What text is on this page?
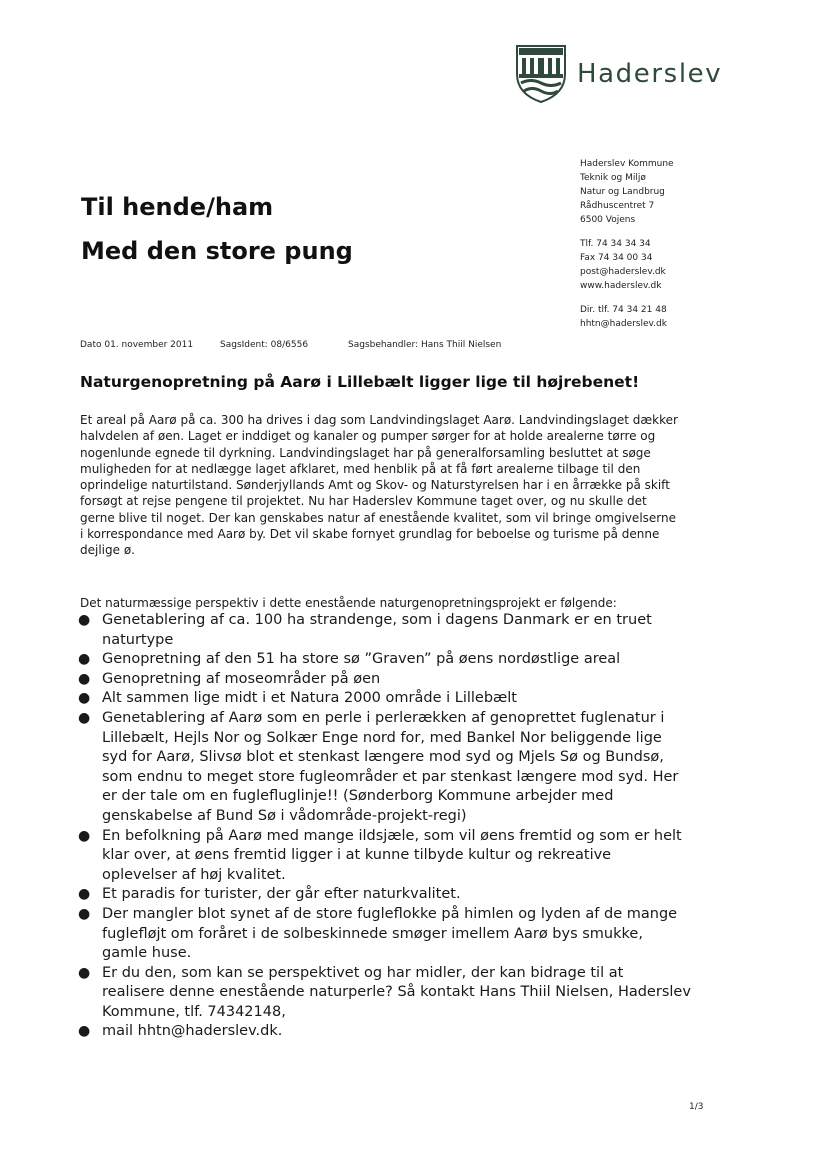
Haderslev
Haderslev Kommune
Teknik og Miljø
Natur og Landbrug
Rådhuscentret 7
6500 Vojens
Tlf. 74 34 34 34
Fax 74 34 00 34
post@haderslev.dk
www.haderslev.dk
Dir. tlf. 74 34 21 48
hhtn@haderslev.dk
Til hende/ham
Med den store pung
Dato 01. november 2011	SagsIdent: 08/6556	Sagsbehandler: Hans Thiil Nielsen
Naturgenopretning på Aarø i Lillebælt ligger lige til højrebenet!
Et areal på Aarø på ca. 300 ha drives i dag som Landvindingslaget Aarø. Landvindingslaget dækker
halvdelen af øen. Laget er inddiget og kanaler og pumper sørger for at holde arealerne tørre og
nogenlunde egnede til dyrkning. Landvindingslaget har på generalforsamling besluttet at søge
muligheden for at nedlægge laget afklaret, med henblik på at få ført arealerne tilbage til den
oprindelige naturtilstand. Sønderjyllands Amt og Skov- og Naturstyrelsen har i en årrække på skift
forsøgt at rejse pengene til projektet. Nu har Haderslev Kommune taget over, og nu skulle det
gerne blive til noget. Der kan genskabes natur af enestående kvalitet, som vil bringe omgivelserne
i korrespondance med Aarø by. Det vil skabe fornyet grundlag for beboelse og turisme på denne
dejlige ø.
Det naturmæssige perspektiv i dette enestående naturgenopretningsprojekt er følgende:
● Genetablering af ca. 100 ha strandenge, som i dagens Danmark er en truet
naturtype
● Genopretning af den 51 ha store sø ”Graven” på øens nordøstlige areal
● Genopretning af moseområder på øen
● Alt sammen lige midt i et Natura 2000 område i Lillebælt
● Genetablering af Aarø som en perle i perlerækken af genoprettet fuglenatur i
Lillebælt, Hejls Nor og Solkær Enge nord for, med Bankel Nor beliggende lige
syd for Aarø, Slivsø blot et stenkast længere mod syd og Mjels Sø og Bundsø,
som endnu to meget store fugleområder et par stenkast længere mod syd. Her
er der tale om en fuglefluglinje!! (Sønderborg Kommune arbejder med
genskabelse af Bund Sø i vådområde-projekt-regi)
● En befolkning på Aarø med mange ildsjæle, som vil øens fremtid og som er helt
klar over, at øens fremtid ligger i at kunne tilbyde kultur og rekreative
oplevelser af høj kvalitet.
● Et paradis for turister, der går efter naturkvalitet.
● Der mangler blot synet af de store fugleflokke på himlen og lyden af de mange
fuglefløjt om foråret i de solbeskinnede smøger imellem Aarø bys smukke,
gamle huse.
● Er du den, som kan se perspektivet og har midler, der kan bidrage til at
realisere denne enestående naturperle? Så kontakt Hans Thiil Nielsen, Haderslev
Kommune, tlf. 74342148,
● mail hhtn@haderslev.dk.
1/3
